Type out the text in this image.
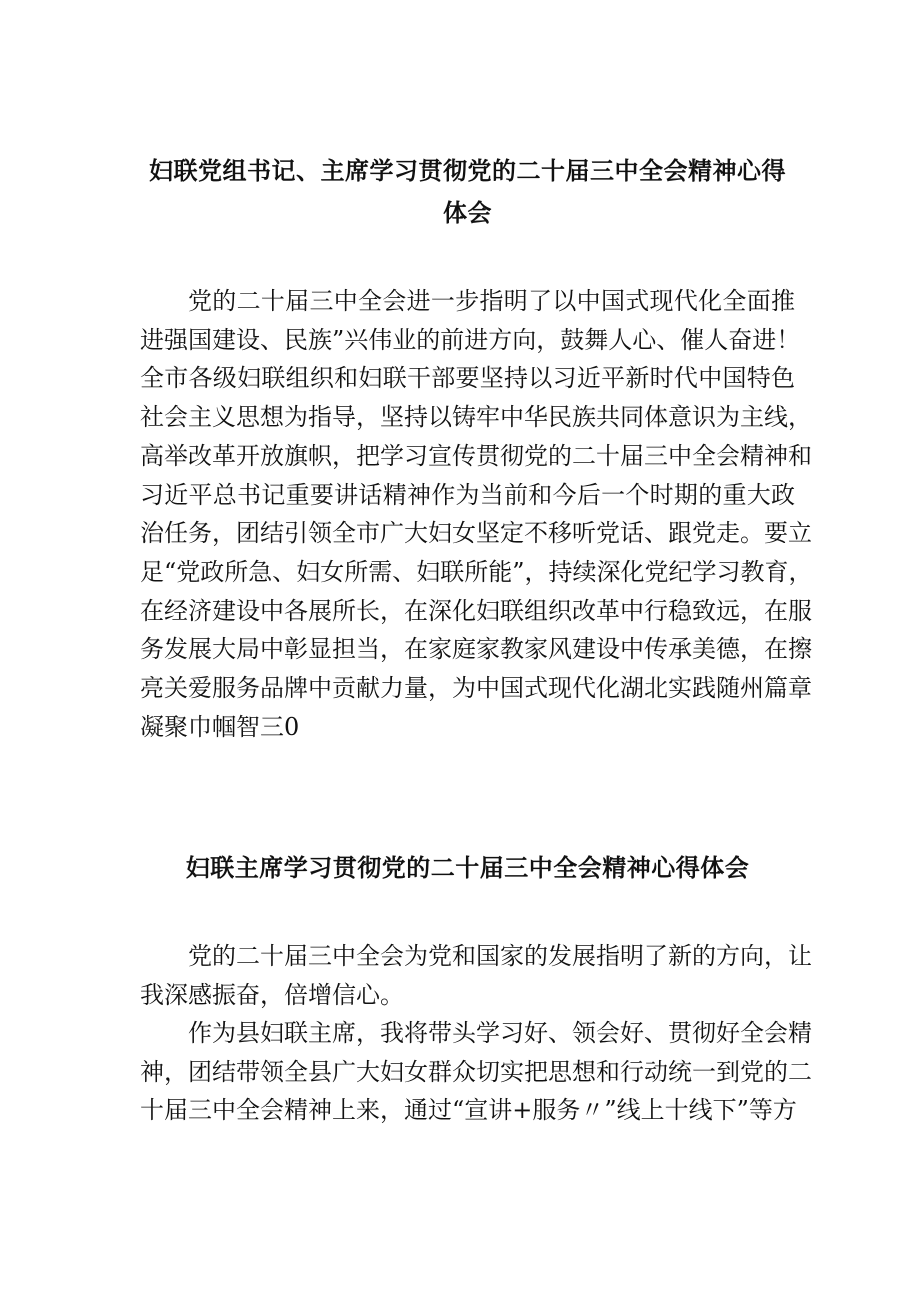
妇联党组书记、主席学习贯彻党的二十届三中全会精神心得
体会

党的二十届三中全会进一步指明了以中国式现代化全面推
进强国建设、民族”兴伟业的前进方向，鼓舞人心、催人奋进！
全市各级妇联组织和妇联干部要坚持以习近平新时代中国特色
社会主义思想为指导，坚持以铸牢中华民族共同体意识为主线，
高举改革开放旗帜，把学习宣传贯彻党的二十届三中全会精神和
习近平总书记重要讲话精神作为当前和今后一个时期的重大政
治任务，团结引领全市广大妇女坚定不移听党话、跟党走。要立
足“党政所急、妇女所需、妇联所能”，持续深化党纪学习教育，
在经济建设中各展所长，在深化妇联组织改革中行稳致远，在服
务发展大局中彰显担当，在家庭家教家风建设中传承美德，在擦
亮关爱服务品牌中贡献力量，为中国式现代化湖北实践随州篇章
凝聚巾帼智三0

妇联主席学习贯彻党的二十届三中全会精神心得体会

党的二十届三中全会为党和国家的发展指明了新的方向，让
我深感振奋，倍增信心。

作为县妇联主席，我将带头学习好、领会好、贯彻好全会精
神，团结带领全县广大妇女群众切实把思想和行动统一到党的二
十届三中全会精神上来，通过“宣讲+服务〃”线上十线下”等方
